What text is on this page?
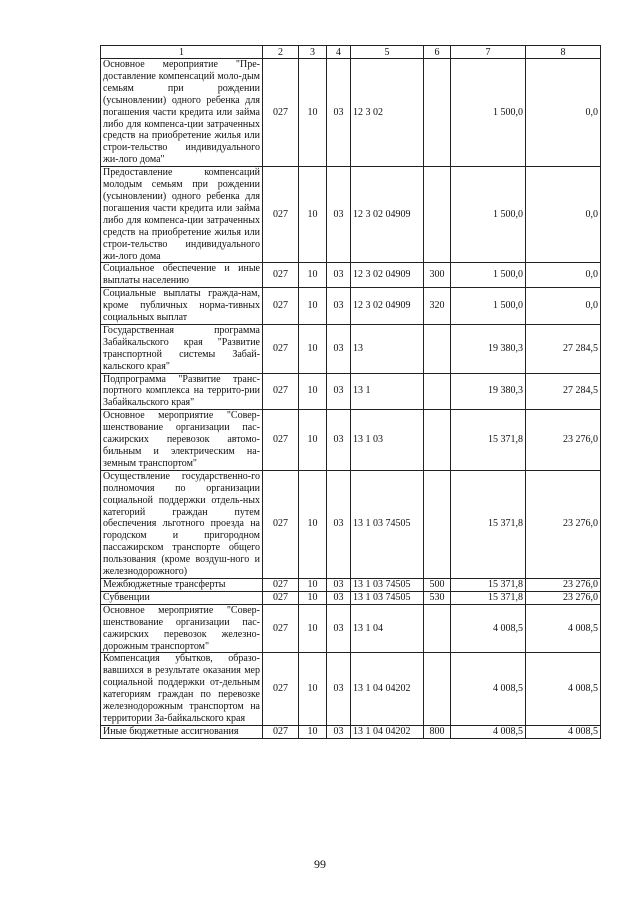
1	2	3	4	5	6	7	8
Основное мероприятие "Пре-доставление компенсаций моло-дым семьям при рождении (усыновлении) одного ребенка для погашения части кредита или займа либо для компенса-ции затраченных средств на приобретение жилья или строи-тельство индивидуального жи-лого дома"	027	10	03	12 3 02		1 500,0	0,0
Предоставление компенсаций молодым семьям при рождении (усыновлении) одного ребенка для погашения части кредита или займа либо для компенса-ции затраченных средств на приобретение жилья или строи-тельство индивидуального жи-лого дома	027	10	03	12 3 02 04909		1 500,0	0,0
Социальное обеспечение и иные выплаты населению	027	10	03	12 3 02 04909	300	1 500,0	0,0
Социальные выплаты гражда-нам, кроме публичных норма-тивных социальных выплат	027	10	03	12 3 02 04909	320	1 500,0	0,0
Государственная программа Забайкальского края "Развитие транспортной системы Забай-кальского края"	027	10	03	13		19 380,3	27 284,5
Подпрограмма "Развитие транс-портного комплекса на террито-рии Забайкальского края"	027	10	03	13 1		19 380,3	27 284,5
Основное мероприятие "Совер-шенствование организации пас-сажирских перевозок автомо-бильным и электрическим на-земным транспортом"	027	10	03	13 1 03		15 371,8	23 276,0
Осуществление государственно-го полномочия по организации социальной поддержки отдель-ных категорий граждан путем обеспечения льготного проезда на городском и пригородном пассажирском транспорте общего пользования (кроме воздуш-ного и железнодорожного)	027	10	03	13 1 03 74505		15 371,8	23 276,0
Межбюджетные трансферты	027	10	03	13 1 03 74505	500	15 371,8	23 276,0
Субвенции	027	10	03	13 1 03 74505	530	15 371,8	23 276,0
Основное мероприятие "Совер-шенствование организации пас-сажирских перевозок железно-дорожным транспортом"	027	10	03	13 1 04		4 008,5	4 008,5
Компенсация убытков, образо-вавшихся в результате оказания мер социальной поддержки от-дельным категориям граждан по перевозке железнодорожным транспортом на территории За-байкальского края	027	10	03	13 1 04 04202		4 008,5	4 008,5
Иные бюджетные ассигнования	027	10	03	13 1 04 04202	800	4 008,5	4 008,5
99
